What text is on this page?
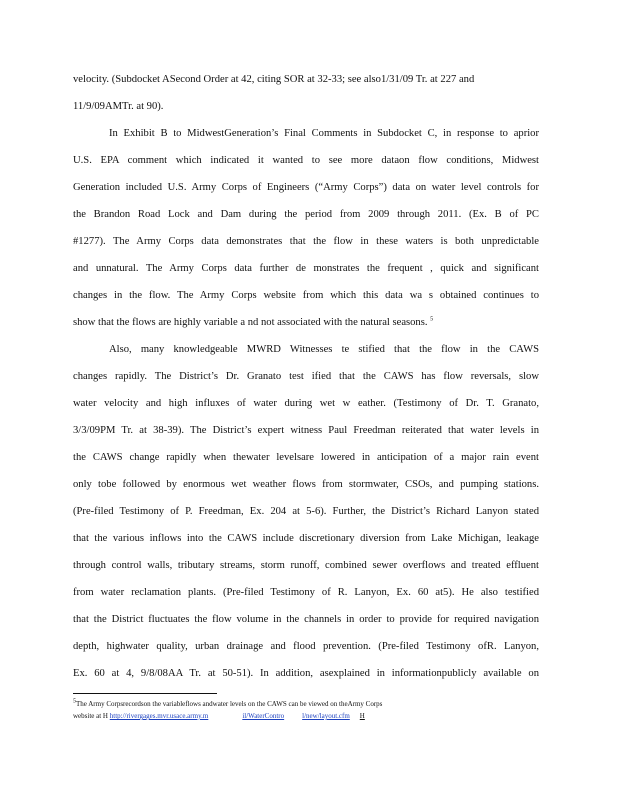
velocity. (Subdocket ASecond Order at 42, citing SOR at 32-33; see also1/31/09 Tr. at 227 and

11/9/09AMTr. at 90).

In Exhibit B to MidwestGeneration’s Final Comments in Subdocket C, in response to aprior

U.S. EPA comment which indicated it wanted to see more dataon flow conditions, Midwest

Generation included U.S. Army Corps of Engineers (“Army Corps”) data on water level controls for

the Brandon Road Lock and Dam during the period from 2009 through 2011. (Ex. B of PC

#1277). The Army Corps data demonstrates that the flow in these waters is both unpredictable

and unnatural. The Army Corps data further de monstrates the frequent , quick and significant

changes in the flow. The Army Corps website from which this data wa s obtained continues to

show that the flows are highly variable a nd not associated with the natural seasons. $^5$

Also, many knowledgeable MWRD Witnesses te stified that the flow in the CAWS

changes rapidly. The District’s Dr. Granato test ified that the CAWS has flow reversals, slow

water velocity and high influxes of water during wet w eather. (Testimony of Dr. T. Granato,

3/3/09PM Tr. at 38-39). The District’s expert witness Paul Freedman reiterated that water levels in

the CAWS change rapidly when thewater levelsare lowered in anticipation of a major rain event

only tobe followed by enormous wet weather flows from stormwater, CSOs, and pumping stations.

(Pre-filed Testimony of P. Freedman, Ex. 204 at 5-6). Further, the District’s Richard Lanyon stated

that the various inflows into the CAWS include discretionary diversion from Lake Michigan, leakage

through control walls, tributary streams, storm runoff, combined sewer overflows and treated effluent

from water reclamation plants. (Pre-filed Testimony of R. Lanyon, Ex. 60 at5). He also testified

that the District fluctuates the flow volume in the channels in order to provide for required navigation

depth, highwater quality, urban drainage and flood prevention. (Pre-filed Testimony ofR. Lanyon,

Ex. 60 at 4, 9/8/08AA Tr. at 50-51). In addition, asexplained in informationpublicly available on

$^5$The Army Corpsrecordson the variableflows andwater levels on the CAWS can be viewed on theArmy Corps

website at H http://rivergages.mvr.usace.army.m	il/WaterContro	l/new/layout.cfm H
